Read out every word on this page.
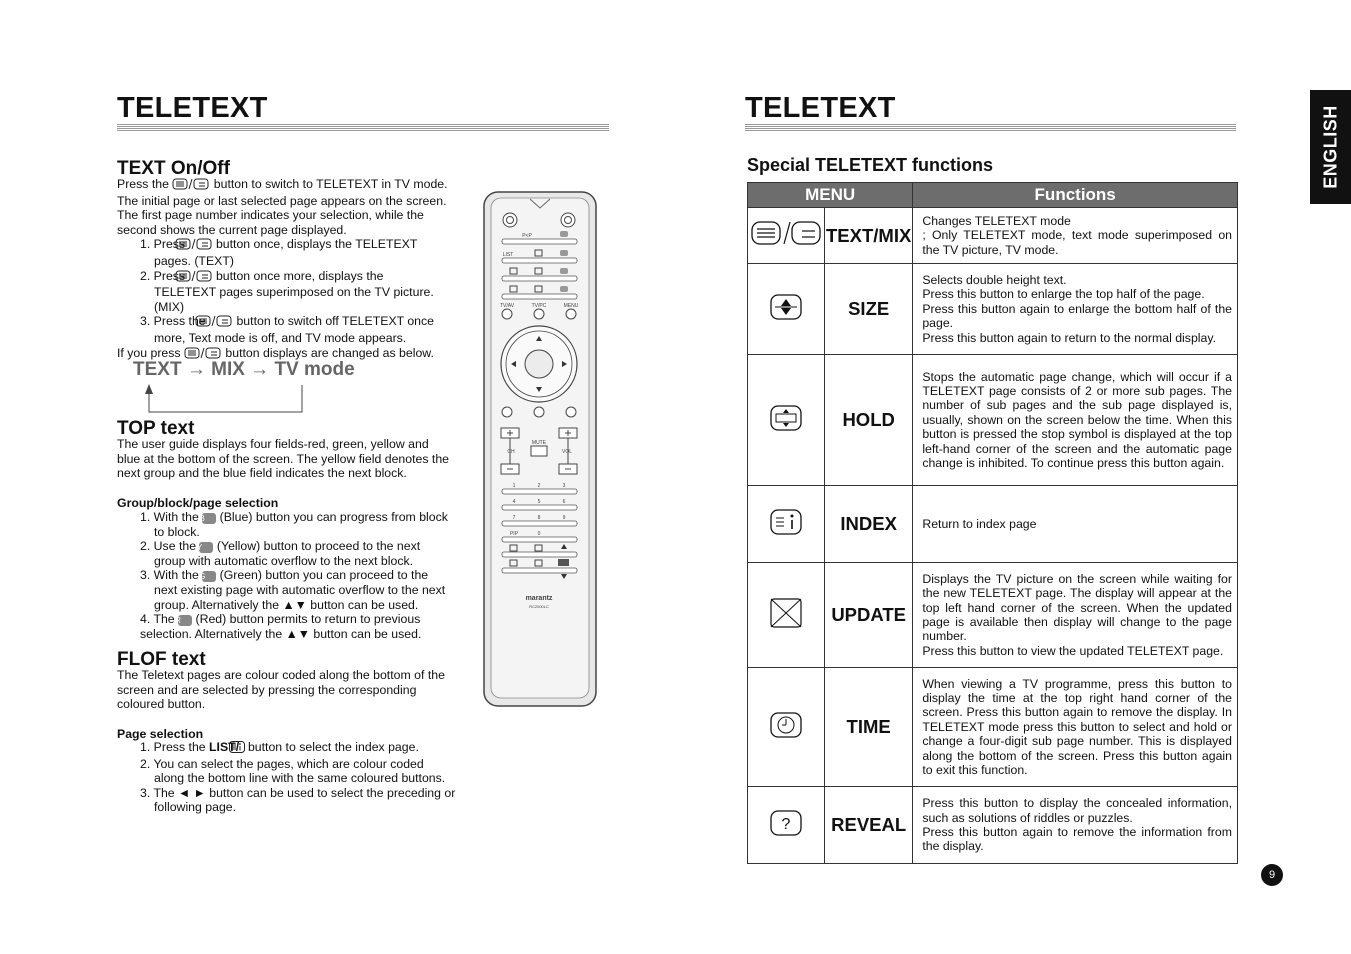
TELETEXT
TEXT On/Off
Press the	button to switch to TELETEXT in TV mode.
The initial page or last selected page appears on the screen.
The first page number indicates your selection, while the
second shows the current page displayed.
1. Press	button once, displays the TELETEXT
pages. (TEXT)
2. Press	button once more, displays the
TELETEXT pages superimposed on the TV picture.
(MIX)
3. Press the	button to switch off TELETEXT once
more, Text mode is off, and TV mode appears.
If you press	button displays are changed as below.
TEXT → MIX → TV mode
TOP text
The user guide displays four fields-red, green, yellow and
blue at the bottom of the screen. The yellow field denotes the
next group and the blue field indicates the next block.
Group/block/page selection
1. With the B (Blue) button you can progress from block
to block.
2. Use the Y (Yellow) button to proceed to the next
group with automatic overflow to the next block.
3. With the G (Green) button you can proceed to the
next existing page with automatic overflow to the next
group. Alternatively the ▲▼ button can be used.
4. The R (Red) button permits to return to previous
selection. Alternatively the ▲▼ button can be used.
FLOF text
The Teletext pages are colour coded along the bottom of the
screen and are selected by pressing the corresponding
coloured button.
Page selection
1. Press the LIST/ button to select the index page.
2. You can select the pages, which are colour coded
along the bottom line with the same coloured buttons.
3. The ◄ ► button can be used to select the preceding or
following page.
P<P
LIST
TV/AV	TV/PC	MENU
CH
MUTE
VOL
1	2	3
4	5	6
7	8	9
PIP	0
marantz
RC2000LC
TELETEXT
Special TELETEXT functions
MENU		Functions
	TEXT/MIX	Changes TELETEXT mode
; Only TELETEXT mode, text mode superimposed on the TV picture, TV mode.

	SIZE	Selects double height text.
Press this button to enlarge the top half of the page.
Press this button again to enlarge the bottom half of the page.
Press this button again to return to the normal display.

	HOLD	Stops the automatic page change, which will occur if a TELETEXT page consists of 2 or more sub pages. The number of sub pages and the sub page displayed is, usually, shown on the screen below the time. When this button is pressed the stop symbol is displayed at the top left-hand corner of the screen and the automatic page change is inhibited. To continue press this button again.

	INDEX	Return to index page

	UPDATE	Displays the TV picture on the screen while waiting for the new TELETEXT page. The display will appear at the top left hand corner of the screen. When the updated page is available then display will change to the page number.
Press this button to view the updated TELETEXT page.

	TIME	When viewing a TV programme, press this button to display the time at the top right hand corner of the screen. Press this button again to remove the display. In TELETEXT mode press this button to select and hold or change a four-digit sub page number. This is displayed along the bottom of the screen. Press this button again to exit this function.

?	REVEAL	Press this button to display the concealed information, such as solutions of riddles or puzzles.
Press this button again to remove the information from the display.
ENGLISH
9
